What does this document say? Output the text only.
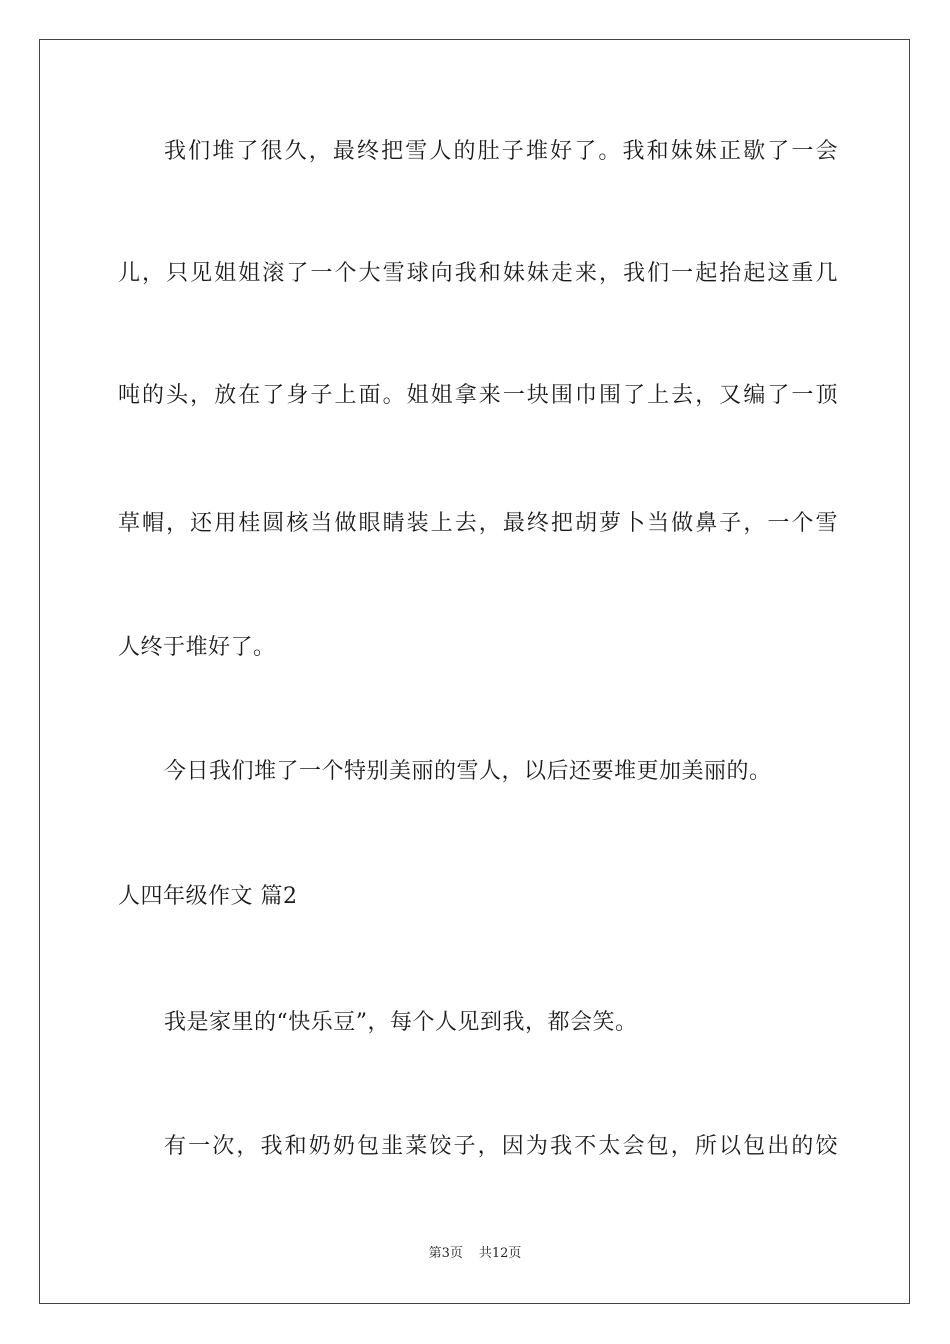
我们堆了很久，最终把雪人的肚子堆好了。我和妹妹正歇了一会
儿，只见姐姐滚了一个大雪球向我和妹妹走来，我们一起抬起这重几
吨的头，放在了身子上面。姐姐拿来一块围巾围了上去，又编了一顶
草帽，还用桂圆核当做眼睛装上去，最终把胡萝卜当做鼻子，一个雪
人终于堆好了。
今日我们堆了一个特别美丽的雪人，以后还要堆更加美丽的。
人四年级作文 篇2
我是家里的“快乐豆”，每个人见到我，都会笑。
有一次，我和奶奶包韭菜饺子，因为我不太会包，所以包出的饺
第3页 共12页
